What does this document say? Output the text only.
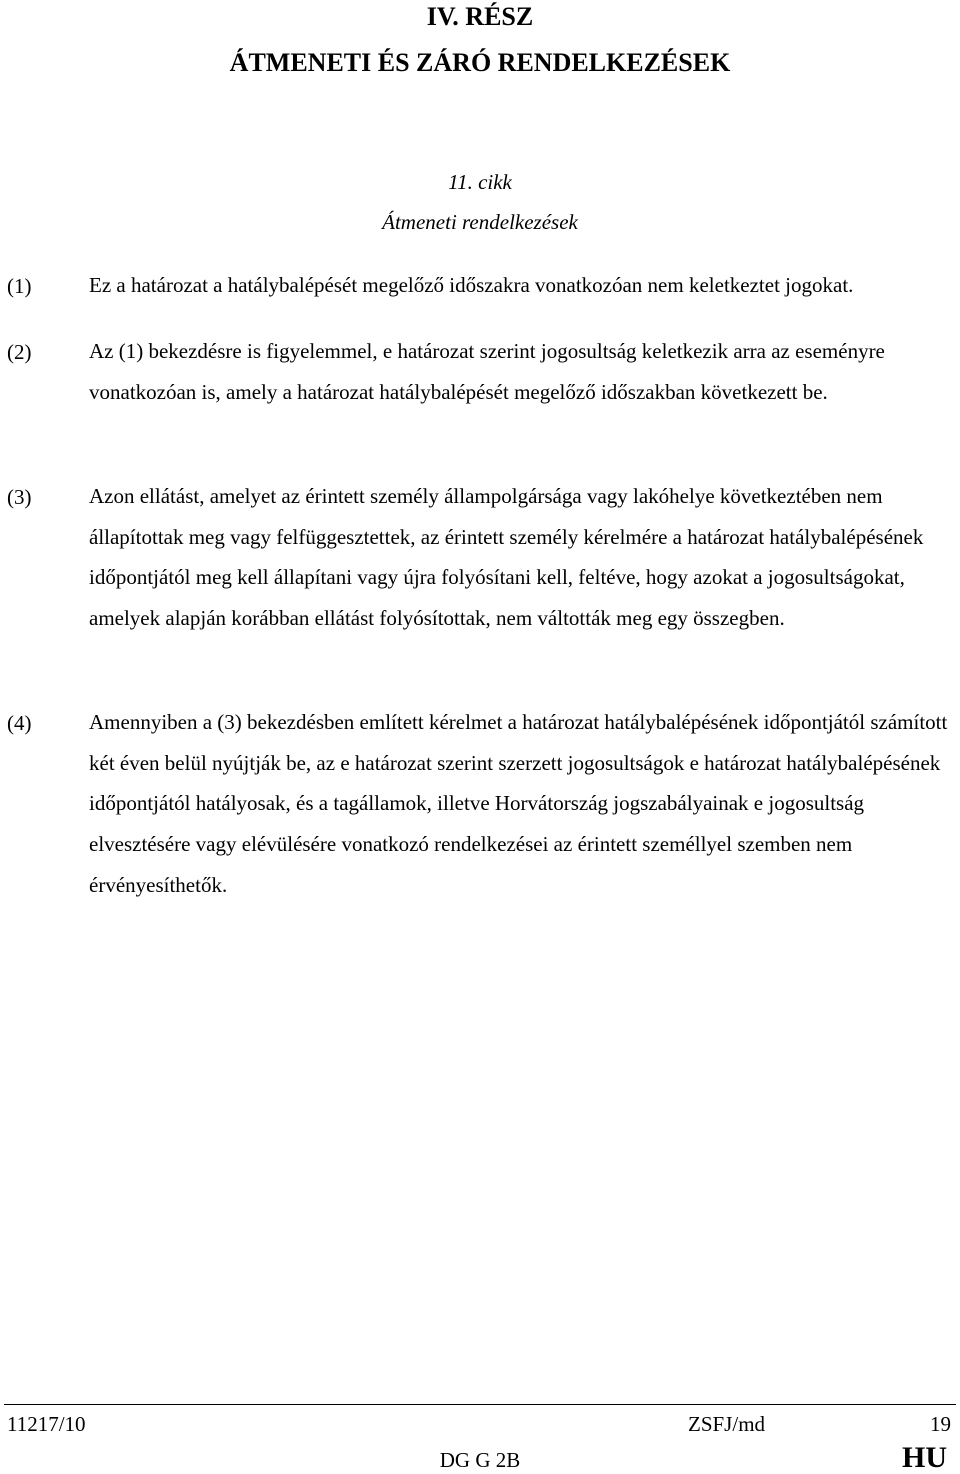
IV. RÉSZ
ÁTMENETI ÉS ZÁRÓ RENDELKEZÉSEK
11. cikk
Átmeneti rendelkezések
(1)	Ez a határozat a hatálybalépését megelőző időszakra vonatkozóan nem keletkeztet jogokat.

(2)	Az (1) bekezdésre is figyelemmel, e határozat szerint jogosultság keletkezik arra az eseményre vonatkozóan is, amely a határozat hatálybalépését megelőző időszakban következett be.

(3)	Azon ellátást, amelyet az érintett személy állampolgársága vagy lakóhelye következtében nem állapítottak meg vagy felfüggesztettek, az érintett személy kérelmére a határozat hatálybalépésének időpontjától meg kell állapítani vagy újra folyósítani kell, feltéve, hogy azokat a jogosultságokat, amelyek alapján korábban ellátást folyósítottak, nem váltották meg egy összegben.

(4)	Amennyiben a (3) bekezdésben említett kérelmet a határozat hatálybalépésének időpontjától számított két éven belül nyújtják be, az e határozat szerint szerzett jogosultságok e határozat hatálybalépésének időpontjától hatályosak, és a tagállamok, illetve Horvátország jogszabályainak e jogosultság elvesztésére vagy elévülésére vonatkozó rendelkezései az érintett személlyel szemben nem érvényesíthetők.

11217/10	ZSFJ/md	19
DG G 2B	HU
